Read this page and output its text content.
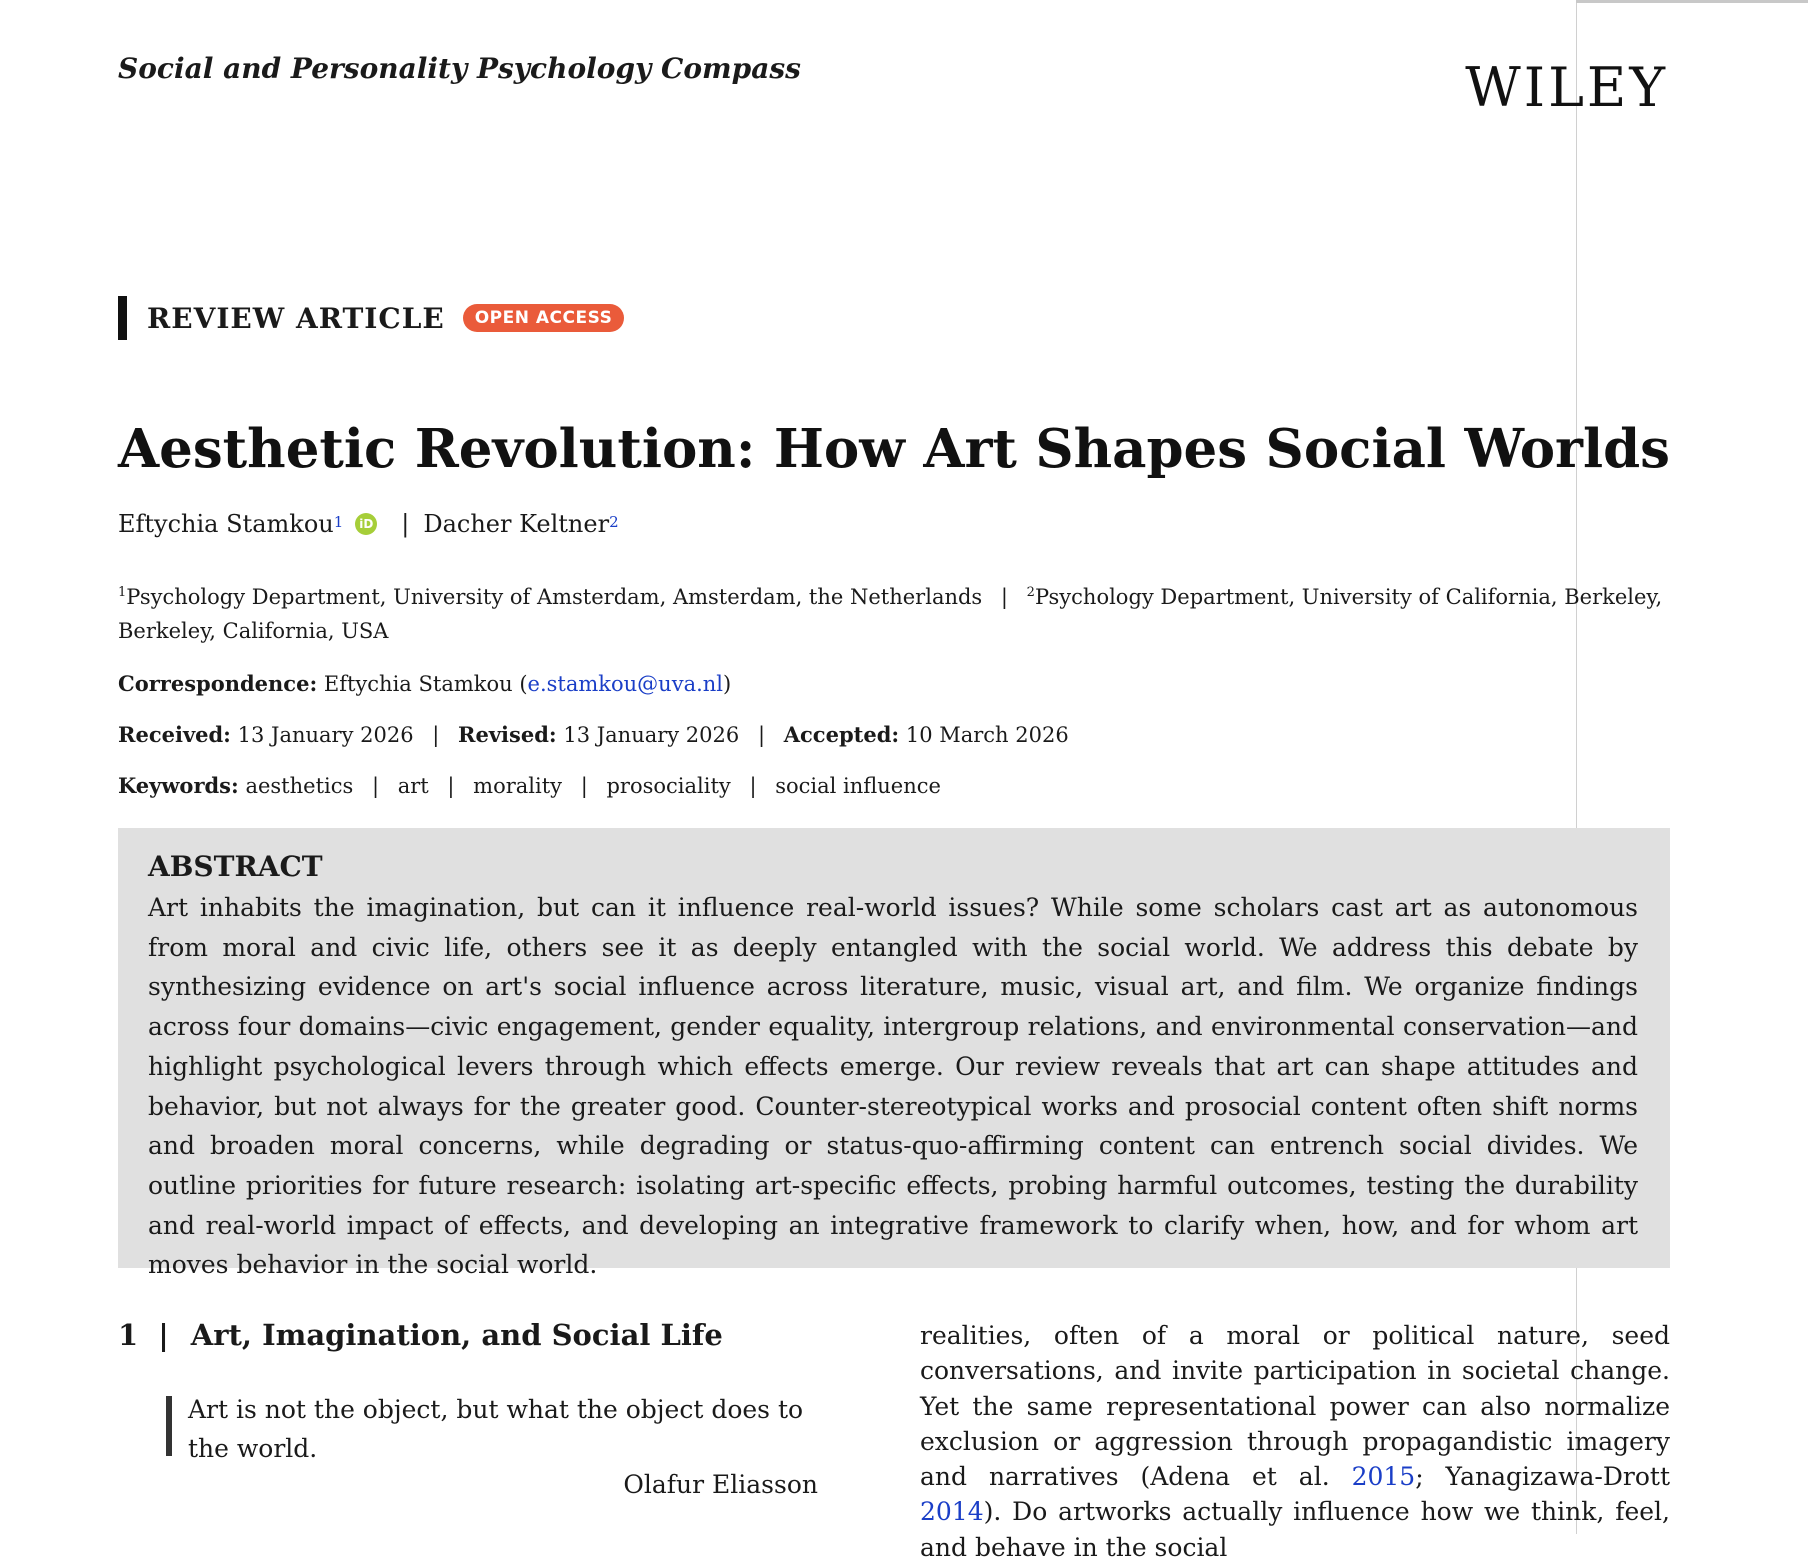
Social and Personality Psychology Compass	WILEY
REVIEW ARTICLE	OPEN ACCESS
Aesthetic Revolution: How Art Shapes Social Worlds
Eftychia Stamkou$^1$	iD | Dacher Keltner$^2$
$^1$Psychology Department, University of Amsterdam, Amsterdam, the Netherlands | $^2$Psychology Department, University of California, Berkeley, Berkeley, California, USA
Correspondence: Eftychia Stamkou (e.stamkou@uva.nl)
Received: 13 January 2026 | Revised: 13 January 2026 | Accepted: 10 March 2026
Keywords: aesthetics | art | morality | prosociality | social influence
ABSTRACT
Art inhabits the imagination, but can it influence real-world issues? While some scholars cast art as autonomous from moral and civic life, others see it as deeply entangled with the social world. We address this debate by synthesizing evidence on art's social influence across literature, music, visual art, and film. We organize findings across four domains—civic engagement, gender equality, intergroup relations, and environmental conservation—and highlight psychological levers through which effects emerge. Our review reveals that art can shape attitudes and behavior, but not always for the greater good. Counter-stereotypical works and prosocial content often shift norms and broaden moral concerns, while degrading or status-quo-affirming content can entrench social divides. We outline priorities for future research: isolating art-specific effects, probing harmful outcomes, testing the durability and real-world impact of effects, and developing an integrative framework to clarify when, how, and for whom art moves behavior in the social world.
1 | Art, Imagination, and Social Life
Art is not the object, but what the object does to the world.
Olafur Eliasson
realities, often of a moral or political nature, seed conversations, and invite participation in societal change. Yet the same representational power can also normalize exclusion or aggression through propagandistic imagery and narratives (Adena et al. 2015; Yanagizawa-Drott 2014). Do artworks actually influence how we think, feel, and behave in the social
